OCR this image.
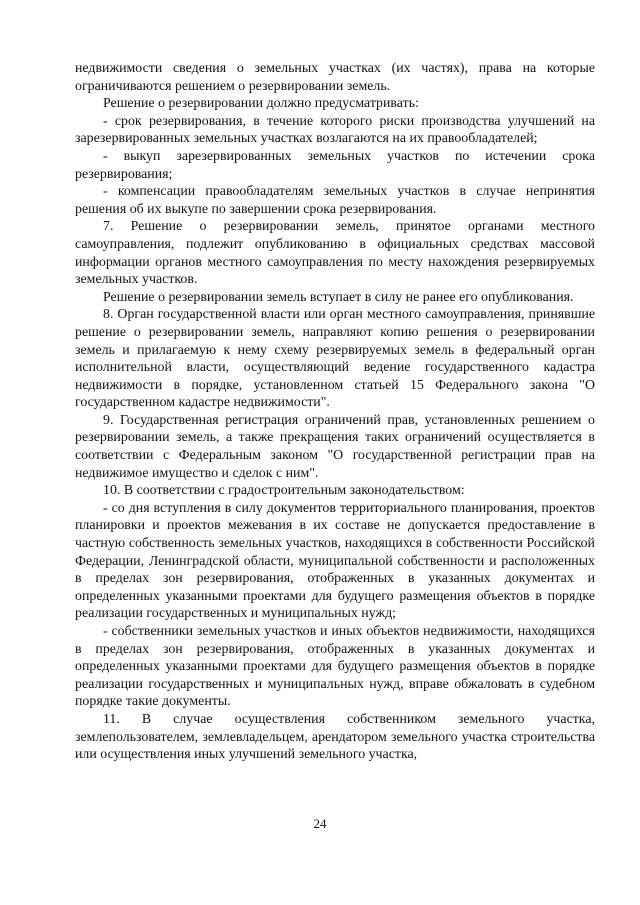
недвижимости сведения о земельных участках (их частях), права на которые ограничиваются решением о резервировании земель.

Решение о резервировании должно предусматривать:

- срок резервирования, в течение которого риски производства улучшений на зарезервированных земельных участках возлагаются на их правообладателей;

- выкуп зарезервированных земельных участков по истечении срока резервирования;

- компенсации правообладателям земельных участков в случае непринятия решения об их выкупе по завершении срока резервирования.

7. Решение о резервировании земель, принятое органами местного самоуправления, подлежит опубликованию в официальных средствах массовой информации органов местного самоуправления по месту нахождения резервируемых земельных участков.

Решение о резервировании земель вступает в силу не ранее его опубликования.

8. Орган государственной власти или орган местного самоуправления, принявшие решение о резервировании земель, направляют копию решения о резервировании земель и прилагаемую к нему схему резервируемых земель в федеральный орган исполнительной власти, осуществляющий ведение государственного кадастра недвижимости в порядке, установленном статьей 15 Федерального закона "О государственном кадастре недвижимости".

9. Государственная регистрация ограничений прав, установленных решением о резервировании земель, а также прекращения таких ограничений осуществляется в соответствии с Федеральным законом "О государственной регистрации прав на недвижимое имущество и сделок с ним".

10. В соответствии с градостроительным законодательством:

- со дня вступления в силу документов территориального планирования, проектов планировки и проектов межевания в их составе не допускается предоставление в частную собственность земельных участков, находящихся в собственности Российской Федерации, Ленинградской области, муниципальной собственности и расположенных в пределах зон резервирования, отображенных в указанных документах и определенных указанными проектами для будущего размещения объектов в порядке реализации государственных и муниципальных нужд;

- собственники земельных участков и иных объектов недвижимости, находящихся в пределах зон резервирования, отображенных в указанных документах и определенных указанными проектами для будущего размещения объектов в порядке реализации государственных и муниципальных нужд, вправе обжаловать в судебном порядке такие документы.

11. В случае осуществления собственником земельного участка, землепользователем, землевладельцем, арендатором земельного участка строительства или осуществления иных улучшений земельного участка,

24
